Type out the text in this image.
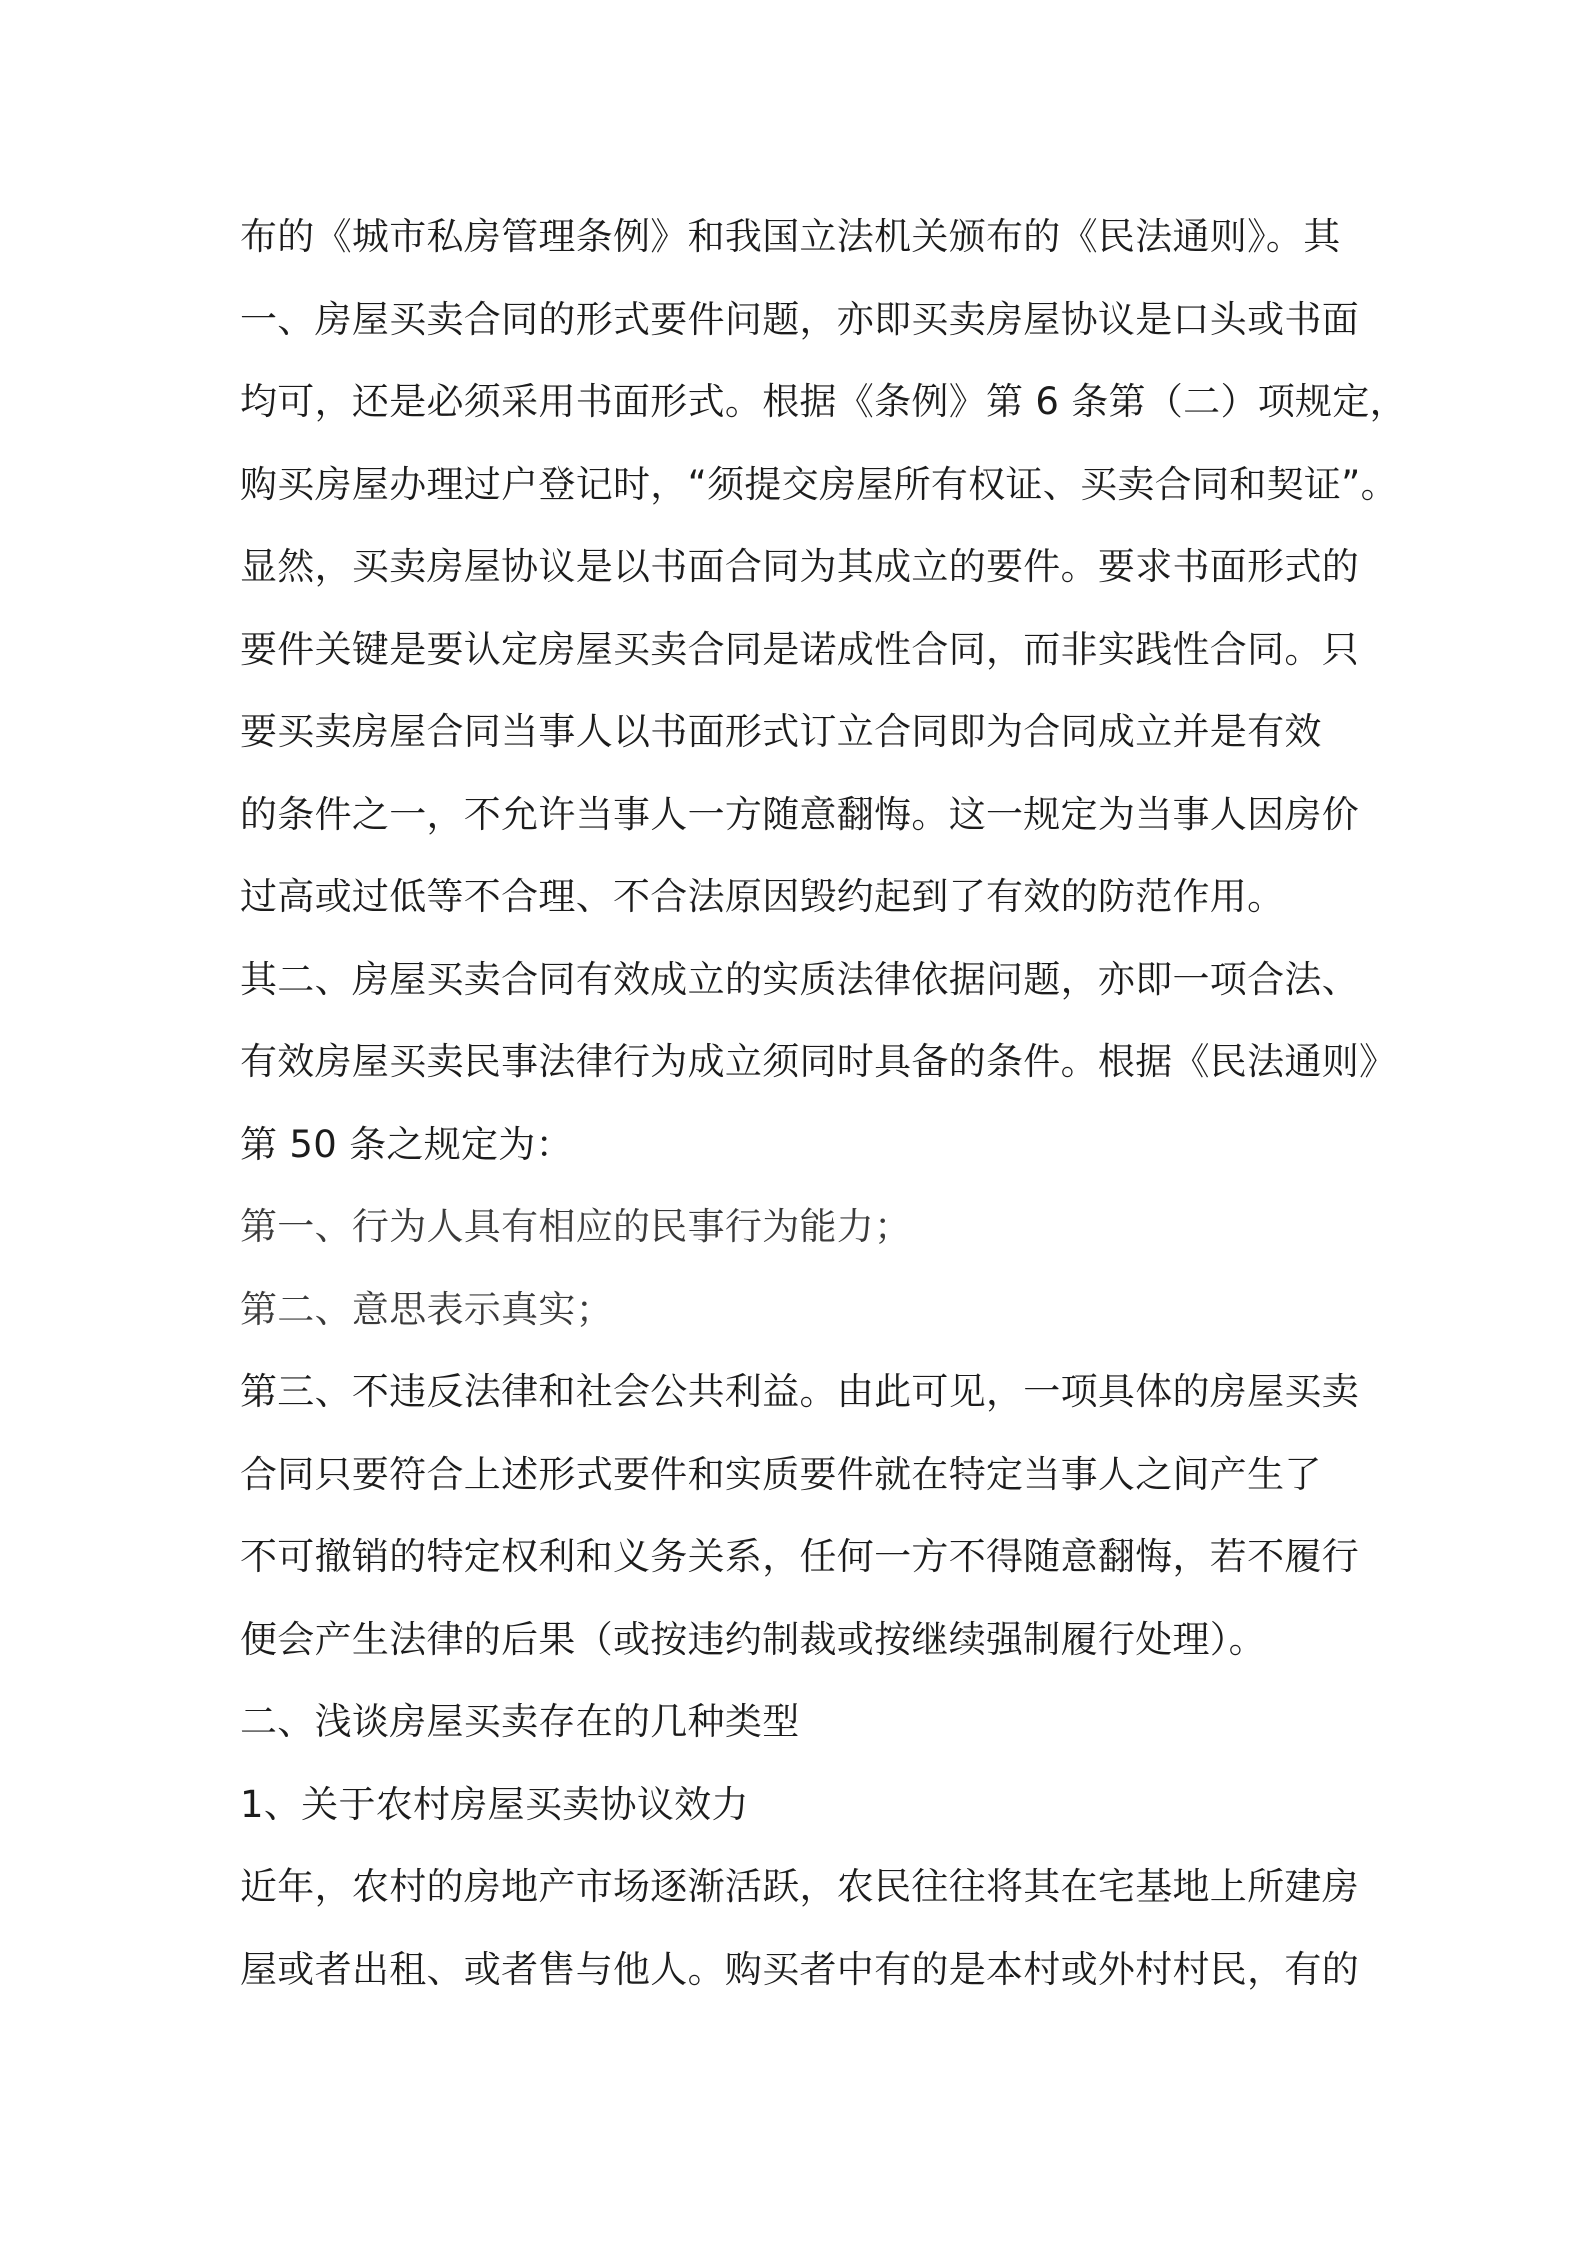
布的《城市私房管理条例》和我国立法机关颁布的《民法通则》。其
一、房屋买卖合同的形式要件问题，亦即买卖房屋协议是口头或书面
均可，还是必须采用书面形式。根据《条例》第 6 条第（二）项规定，
购买房屋办理过户登记时，“须提交房屋所有权证、买卖合同和契证”。
显然，买卖房屋协议是以书面合同为其成立的要件。要求书面形式的
要件关键是要认定房屋买卖合同是诺成性合同，而非实践性合同。只
要买卖房屋合同当事人以书面形式订立合同即为合同成立并是有效
的条件之一，不允许当事人一方随意翻悔。这一规定为当事人因房价
过高或过低等不合理、不合法原因毁约起到了有效的防范作用。
其二、房屋买卖合同有效成立的实质法律依据问题，亦即一项合法、
有效房屋买卖民事法律行为成立须同时具备的条件。根据《民法通则》
第 50 条之规定为：
第一、行为人具有相应的民事行为能力；
第二、意思表示真实；
第三、不违反法律和社会公共利益。由此可见，一项具体的房屋买卖
合同只要符合上述形式要件和实质要件就在特定当事人之间产生了
不可撤销的特定权利和义务关系，任何一方不得随意翻悔，若不履行
便会产生法律的后果（或按违约制裁或按继续强制履行处理）。
二、浅谈房屋买卖存在的几种类型
1、关于农村房屋买卖协议效力
近年，农村的房地产市场逐渐活跃，农民往往将其在宅基地上所建房
屋或者出租、或者售与他人。购买者中有的是本村或外村村民，有的
